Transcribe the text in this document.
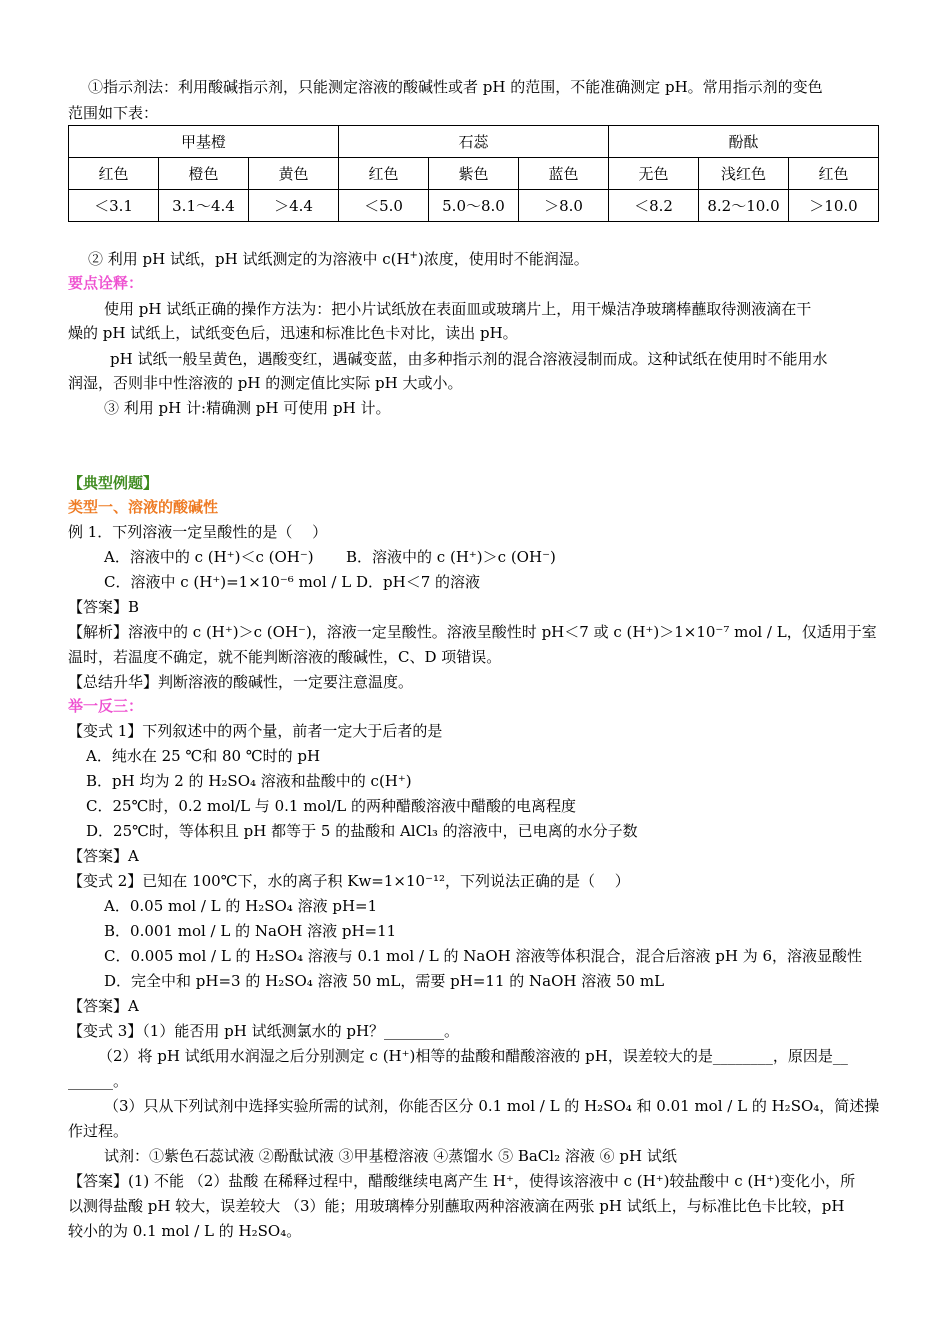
①指示剂法：利用酸碱指示剂，只能测定溶液的酸碱性或者 pH 的范围，不能准确测定 pH。常用指示剂的变色
范围如下表：
甲基橙			石蕊			酚酞		
红色	橙色	黄色	红色	紫色	蓝色	无色	浅红色	红色
＜3.1	3.1～4.4	＞4.4	＜5.0	5.0～8.0	＞8.0	＜8.2	8.2～10.0	＞10.0
② 利用 pH 试纸，pH 试纸测定的为溶液中 c(H+)浓度，使用时不能润湿。
要点诠释：
使用 pH 试纸正确的操作方法为：把小片试纸放在表面皿或玻璃片上，用干燥洁净玻璃棒蘸取待测液滴在干
燥的 pH 试纸上，试纸变色后，迅速和标准比色卡对比，读出 pH。
pH 试纸一般呈黄色，遇酸变红，遇碱变蓝，由多种指示剂的混合溶液浸制而成。这种试纸在使用时不能用水
润湿，否则非中性溶液的 pH 的测定值比实际 pH 大或小。
③ 利用 pH 计:精确测 pH 可使用 pH 计。
【典型例题】
类型一、溶液的酸碱性
例 1．下列溶液一定呈酸性的是（　 ）
A．溶液中的 c (H⁺)＜c (OH⁻) B．溶液中的 c (H⁺)＞c (OH⁻)
C．溶液中 c (H⁺)=1×10⁻⁶ mol / L D．pH＜7 的溶液
【答案】B
【解析】溶液中的 c (H⁺)＞c (OH⁻)，溶液一定呈酸性。溶液呈酸性时 pH＜7 或 c (H⁺)＞1×10⁻⁷ mol / L，仅适用于室
温时，若温度不确定，就不能判断溶液的酸碱性，C、D 项错误。
【总结升华】判断溶液的酸碱性，一定要注意温度。
举一反三：
【变式 1】下列叙述中的两个量，前者一定大于后者的是
A．纯水在 25 ℃和 80 ℃时的 pH
B．pH 均为 2 的 H₂SO₄ 溶液和盐酸中的 c(H⁺)
C．25℃时，0.2 mol/L 与 0.1 mol/L 的两种醋酸溶液中醋酸的电离程度
D．25℃时，等体积且 pH 都等于 5 的盐酸和 AlCl₃ 的溶液中，已电离的水分子数
【答案】A
【变式 2】已知在 100℃下，水的离子积 Kw=1×10⁻¹²，下列说法正确的是（　 ）
A．0.05 mol / L 的 H₂SO₄ 溶液 pH=1
B．0.001 mol / L 的 NaOH 溶液 pH=11
C．0.005 mol / L 的 H₂SO₄ 溶液与 0.1 mol / L 的 NaOH 溶液等体积混合，混合后溶液 pH 为 6，溶液显酸性
D．完全中和 pH=3 的 H₂SO₄ 溶液 50 mL，需要 pH=11 的 NaOH 溶液 50 mL
【答案】A
【变式 3】（1）能否用 pH 试纸测氯水的 pH？________。
（2）将 pH 试纸用水润湿之后分别测定 c (H⁺)相等的盐酸和醋酸溶液的 pH，误差较大的是________，原因是__
______。
（3）只从下列试剂中选择实验所需的试剂，你能否区分 0.1 mol / L 的 H₂SO₄ 和 0.01 mol / L 的 H₂SO₄，简述操
作过程。
试剂：①紫色石蕊试液 ②酚酞试液 ③甲基橙溶液 ④蒸馏水 ⑤ BaCl₂ 溶液 ⑥ pH 试纸
【答案】(1) 不能 （2）盐酸 在稀释过程中，醋酸继续电离产生 H⁺，使得该溶液中 c (H⁺)较盐酸中 c (H⁺)变化小，所
以测得盐酸 pH 较大，误差较大 （3）能；用玻璃棒分别蘸取两种溶液滴在两张 pH 试纸上，与标准比色卡比较，pH
较小的为 0.1 mol / L 的 H₂SO₄。
